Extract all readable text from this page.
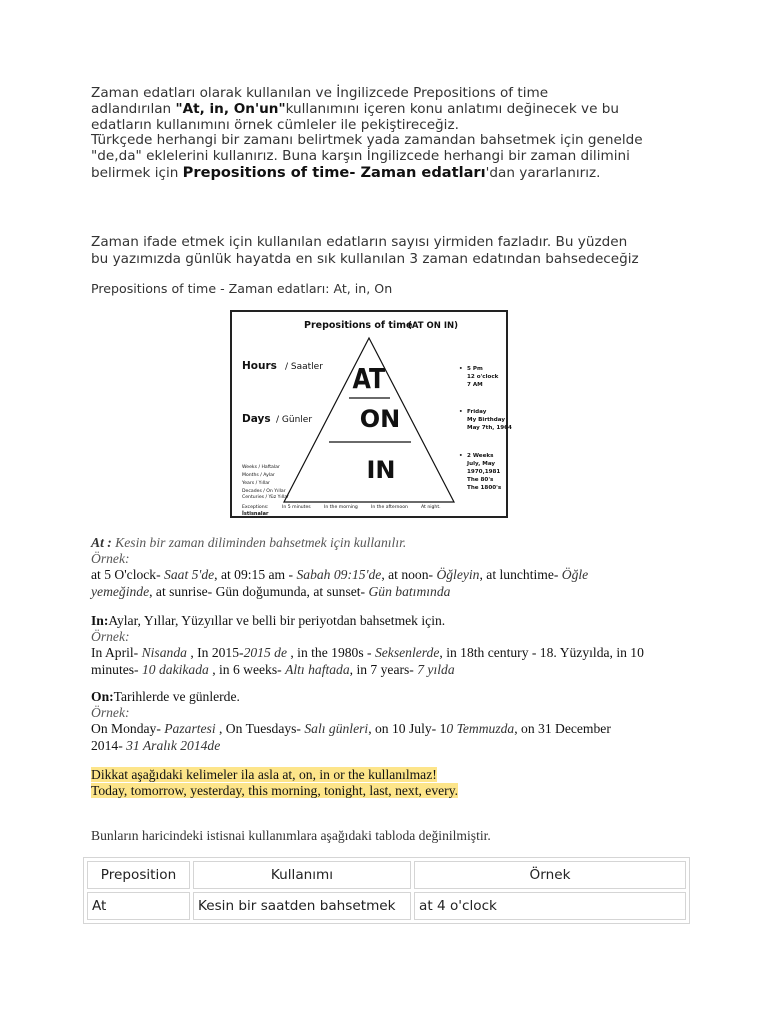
Zaman edatları olarak kullanılan ve İngilizcede Prepositions of time

adlandırılan "At, in, On'un"kullanımını içeren konu anlatımı değinecek ve bu

edatların kullanımını örnek cümleler ile pekiştireceğiz.

Türkçede herhangi bir zamanı belirtmek yada zamandan bahsetmek için genelde

"de,da" eklelerini kullanırız. Buna karşın İngilizcede herhangi bir zaman dilimini

belirmek için Prepositions of time- Zaman edatları'dan yararlanırız.

Zaman ifade etmek için kullanılan edatların sayısı yirmiden fazladır. Bu yüzden

bu yazımızda günlük hayatda en sık kullanılan 3 zaman edatından bahsedeceğiz

Prepositions of time - Zaman edatları: At, in, On
Prepositions of time
(AT ON IN)
AT
ON
IN
Hours / Saatler
Days / Günler
Weeks / Haftalar
Months / Aylar
Years / Yıllar
Decades / On Yıllar
Centuries / Yüz Yıllar
• 5 Pm
12 o'clock
7 AM
• Friday
My Birthday
May 7th, 1964
• 2 Weeks
July, May
1970,1981
The 80's
The 1800's
Exceptions:
İstisnalar
In 5 minutes	In the morning	In the afternoon	At night.

At : Kesin bir zaman diliminden bahsetmek için kullanılır.

Örnek:

at 5 O'clock- Saat 5'de, at 09:15 am - Sabah 09:15'de, at noon- Öğleyin, at lunchtime- Öğle

yemeğinde, at sunrise- Gün doğumunda, at sunset- Gün batımında

In:Aylar, Yıllar, Yüzyıllar ve belli bir periyotdan bahsetmek için.

Örnek:

In April- Nisanda , In 2015-2015 de , in the 1980s - Seksenlerde, in 18th century - 18. Yüzyılda, in 10

minutes- 10 dakikada , in 6 weeks- Altı haftada, in 7 years- 7 yılda

On:Tarihlerde ve günlerde.

Örnek:

On Monday- Pazartesi , On Tuesdays- Salı günleri, on 10 July- 10 Temmuzda, on 31 December

2014- 31 Aralık 2014de

Dikkat aşağıdaki kelimeler ila asla at, on, in or the kullanılmaz!

Today, tomorrow, yesterday, this morning, tonight, last, next, every.

Bunların haricindeki istisnai kullanımlara aşağıdaki tabloda değinilmiştir.
Preposition	Kullanımı	Örnek
At	Kesin bir saatden bahsetmek	at 4 o'clock
